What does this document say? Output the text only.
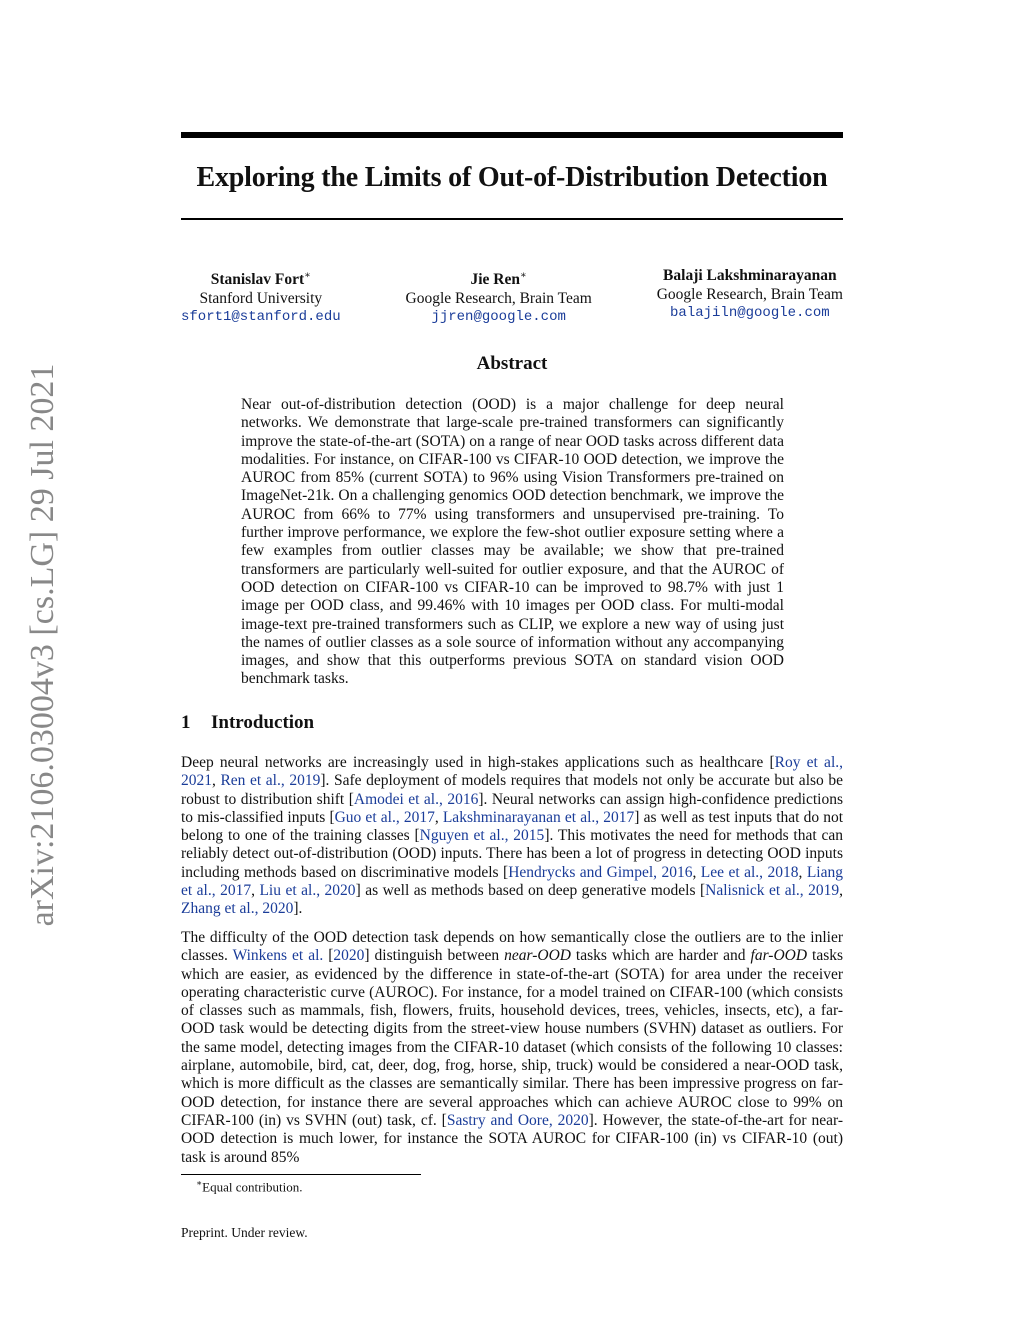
arXiv:2106.03004v3 [cs.LG] 29 Jul 2021
Exploring the Limits of Out-of-Distribution Detection
Stanislav Fort∗
Stanford University
sfort1@stanford.edu
Jie Ren∗
Google Research, Brain Team
jjren@google.com
Balaji Lakshminarayanan
Google Research, Brain Team
balajiln@google.com
Abstract

Near out-of-distribution detection (OOD) is a major challenge for deep neural networks. We demonstrate that large-scale pre-trained transformers can significantly improve the state-of-the-art (SOTA) on a range of near OOD tasks across different data modalities. For instance, on CIFAR-100 vs CIFAR-10 OOD detection, we improve the AUROC from 85% (current SOTA) to 96% using Vision Transformers pre-trained on ImageNet-21k. On a challenging genomics OOD detection benchmark, we improve the AUROC from 66% to 77% using transformers and unsupervised pre-training. To further improve performance, we explore the few-shot outlier exposure setting where a few examples from outlier classes may be available; we show that pre-trained transformers are particularly well-suited for outlier exposure, and that the AUROC of OOD detection on CIFAR-100 vs CIFAR-10 can be improved to 98.7% with just 1 image per OOD class, and 99.46% with 10 images per OOD class. For multi-modal image-text pre-trained transformers such as CLIP, we explore a new way of using just the names of outlier classes as a sole source of information without any accompanying images, and show that this outperforms previous SOTA on standard vision OOD benchmark tasks.

1 Introduction

Deep neural networks are increasingly used in high-stakes applications such as healthcare [Roy et al., 2021, Ren et al., 2019]. Safe deployment of models requires that models not only be accurate but also be robust to distribution shift [Amodei et al., 2016]. Neural networks can assign high-confidence predictions to mis-classified inputs [Guo et al., 2017, Lakshminarayanan et al., 2017] as well as test inputs that do not belong to one of the training classes [Nguyen et al., 2015]. This motivates the need for methods that can reliably detect out-of-distribution (OOD) inputs. There has been a lot of progress in detecting OOD inputs including methods based on discriminative models [Hendrycks and Gimpel, 2016, Lee et al., 2018, Liang et al., 2017, Liu et al., 2020] as well as methods based on deep generative models [Nalisnick et al., 2019, Zhang et al., 2020].

The difficulty of the OOD detection task depends on how semantically close the outliers are to the inlier classes. Winkens et al. [2020] distinguish between near-OOD tasks which are harder and far-OOD tasks which are easier, as evidenced by the difference in state-of-the-art (SOTA) for area under the receiver operating characteristic curve (AUROC). For instance, for a model trained on CIFAR-100 (which consists of classes such as mammals, fish, flowers, fruits, household devices, trees, vehicles, insects, etc), a far-OOD task would be detecting digits from the street-view house numbers (SVHN) dataset as outliers. For the same model, detecting images from the CIFAR-10 dataset (which consists of the following 10 classes: airplane, automobile, bird, cat, deer, dog, frog, horse, ship, truck) would be considered a near-OOD task, which is more difficult as the classes are semantically similar. There has been impressive progress on far-OOD detection, for instance there are several approaches which can achieve AUROC close to 99% on CIFAR-100 (in) vs SVHN (out) task, cf. [Sastry and Oore, 2020]. However, the state-of-the-art for near-OOD detection is much lower, for instance the SOTA AUROC for CIFAR-100 (in) vs CIFAR-10 (out) task is around 85%

∗Equal contribution.
Preprint. Under review.
